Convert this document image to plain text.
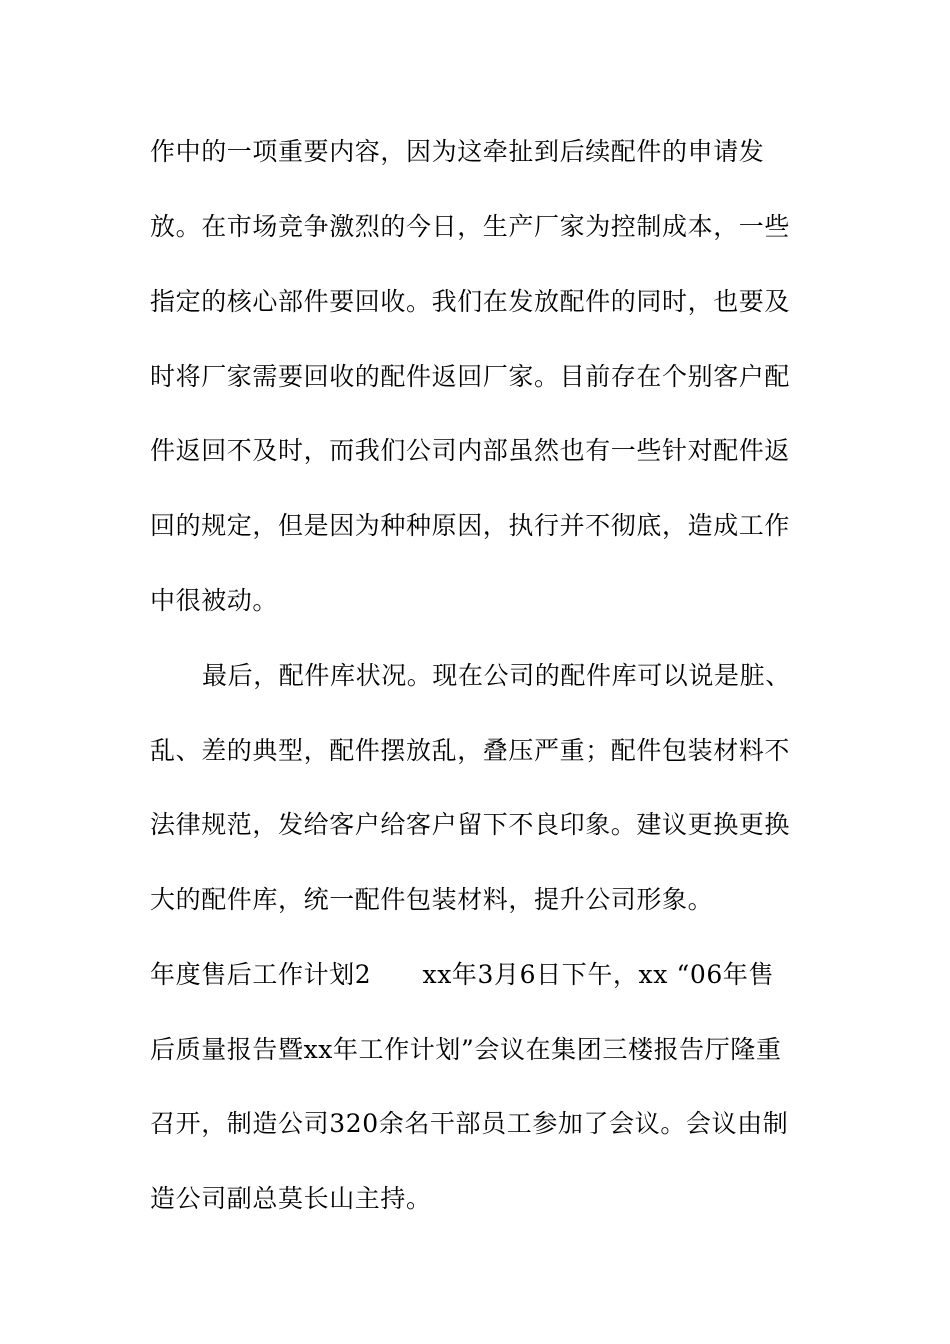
作中的一项重要内容，因为这牵扯到后续配件的申请发
放。在市场竞争激烈的今日，生产厂家为控制成本，一些
指定的核心部件要回收。我们在发放配件的同时，也要及
时将厂家需要回收的配件返回厂家。目前存在个别客户配
件返回不及时，而我们公司内部虽然也有一些针对配件返
回的规定，但是因为种种原因，执行并不彻底，造成工作
中很被动。
最后，配件库状况。现在公司的配件库可以说是脏、
乱、差的典型，配件摆放乱，叠压严重；配件包装材料不
法律规范，发给客户给客户留下不良印象。建议更换更换
大的配件库，统一配件包装材料，提升公司形象。
年度售后工作计划2　　xx年3月6日下午，xx “06年售
后质量报告暨xx年工作计划”会议在集团三楼报告厅隆重
召开，制造公司320余名干部员工参加了会议。会议由制
造公司副总莫长山主持。
